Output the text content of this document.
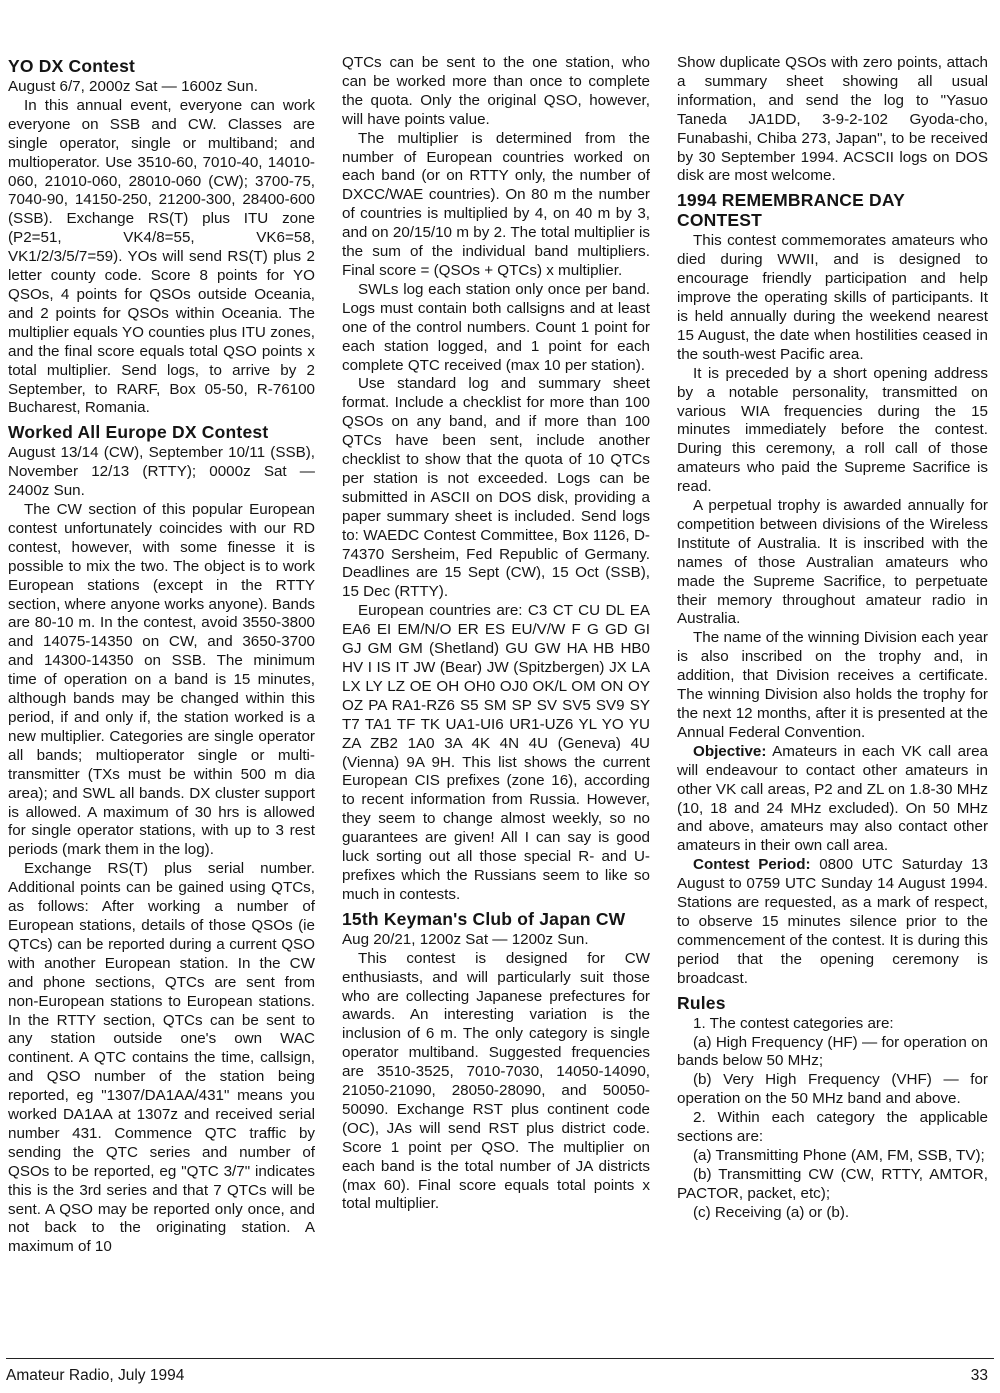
YO DX Contest

August 6/7, 2000z Sat — 1600z Sun.

In this annual event, everyone can work everyone on SSB and CW. Classes are single operator, single or multiband; and multioperator. Use 3510-60, 7010-40, 14010-060, 21010-060, 28010-060 (CW); 3700-75, 7040-90, 14150-250, 21200-300, 28400-600 (SSB). Exchange RS(T) plus ITU zone (P2=51, VK4/8=55, VK6=58, VK1/2/3/5/7=59). YOs will send RS(T) plus 2 letter county code. Score 8 points for YO QSOs, 4 points for QSOs outside Oceania, and 2 points for QSOs within Oceania. The multiplier equals YO counties plus ITU zones, and the final score equals total QSO points x total multiplier. Send logs, to arrive by 2 September, to RARF, Box 05-50, R-76100 Bucharest, Romania.

Worked All Europe DX Contest

August 13/14 (CW), September 10/11 (SSB), November 12/13 (RTTY); 0000z Sat — 2400z Sun.

The CW section of this popular European contest unfortunately coincides with our RD contest, however, with some finesse it is possible to mix the two. The object is to work European stations (except in the RTTY section, where anyone works anyone). Bands are 80-10 m. In the contest, avoid 3550-3800 and 14075-14350 on CW, and 3650-3700 and 14300-14350 on SSB. The minimum time of operation on a band is 15 minutes, although bands may be changed within this period, if and only if, the station worked is a new multiplier. Categories are single operator all bands; multioperator single or multi-transmitter (TXs must be within 500 m dia area); and SWL all bands. DX cluster support is allowed. A maximum of 30 hrs is allowed for single operator stations, with up to 3 rest periods (mark them in the log).

Exchange RS(T) plus serial number. Additional points can be gained using QTCs, as follows: After working a number of European stations, details of those QSOs (ie QTCs) can be reported during a current QSO with another European station. In the CW and phone sections, QTCs are sent from non-European stations to European stations. In the RTTY section, QTCs can be sent to any station outside one's own WAC continent. A QTC contains the time, callsign, and QSO number of the station being reported, eg "1307/DA1AA/431" means you worked DA1AA at 1307z and received serial number 431. Commence QTC traffic by sending the QTC series and number of QSOs to be reported, eg "QTC 3/7" indicates this is the 3rd series and that 7 QTCs will be sent. A QSO may be reported only once, and not back to the originating station. A maximum of 10

QTCs can be sent to the one station, who can be worked more than once to complete the quota. Only the original QSO, however, will have points value.

The multiplier is determined from the number of European countries worked on each band (or on RTTY only, the number of DXCC/WAE countries). On 80 m the number of countries is multiplied by 4, on 40 m by 3, and on 20/15/10 m by 2. The total multiplier is the sum of the individual band multipliers. Final score = (QSOs + QTCs) x multiplier.

SWLs log each station only once per band. Logs must contain both callsigns and at least one of the control numbers. Count 1 point for each station logged, and 1 point for each complete QTC received (max 10 per station).

Use standard log and summary sheet format. Include a checklist for more than 100 QSOs on any band, and if more than 100 QTCs have been sent, include another checklist to show that the quota of 10 QTCs per station is not exceeded. Logs can be submitted in ASCII on DOS disk, providing a paper summary sheet is included. Send logs to: WAEDC Contest Committee, Box 1126, D-74370 Sersheim, Fed Republic of Germany. Deadlines are 15 Sept (CW), 15 Oct (SSB), 15 Dec (RTTY).

European countries are: C3 CT CU DL EA EA6 EI EM/N/O ER ES EU/V/W F G GD GI GJ GM GM (Shetland) GU GW HA HB HB0 HV I IS IT JW (Bear) JW (Spitzbergen) JX LA LX LY LZ OE OH OH0 OJ0 OK/L OM ON OY OZ PA RA1-RZ6 S5 SM SP SV SV5 SV9 SY T7 TA1 TF TK UA1-UI6 UR1-UZ6 YL YO YU ZA ZB2 1A0 3A 4K 4N 4U (Geneva) 4U (Vienna) 9A 9H. This list shows the current European CIS prefixes (zone 16), according to recent information from Russia. However, they seem to change almost weekly, so no guarantees are given! All I can say is good luck sorting out all those special R- and U- prefixes which the Russians seem to like so much in contests.

15th Keyman's Club of Japan CW

Aug 20/21, 1200z Sat — 1200z Sun.

This contest is designed for CW enthusiasts, and will particularly suit those who are collecting Japanese prefectures for awards. An interesting variation is the inclusion of 6 m. The only category is single operator multiband. Suggested frequencies are 3510-3525, 7010-7030, 14050-14090, 21050-21090, 28050-28090, and 50050-50090. Exchange RST plus continent code (OC), JAs will send RST plus district code. Score 1 point per QSO. The multiplier on each band is the total number of JA districts (max 60). Final score equals total points x total multiplier.

Show duplicate QSOs with zero points, attach a summary sheet showing all usual information, and send the log to "Yasuo Taneda JA1DD, 3-9-2-102 Gyoda-cho, Funabashi, Chiba 273, Japan", to be received by 30 September 1994. ACSCII logs on DOS disk are most welcome.

1994 REMEMBRANCE DAY CONTEST

This contest commemorates amateurs who died during WWII, and is designed to encourage friendly participation and help improve the operating skills of participants. It is held annually during the weekend nearest 15 August, the date when hostilities ceased in the south-west Pacific area.

It is preceded by a short opening address by a notable personality, transmitted on various WIA frequencies during the 15 minutes immediately before the contest. During this ceremony, a roll call of those amateurs who paid the Supreme Sacrifice is read.

A perpetual trophy is awarded annually for competition between divisions of the Wireless Institute of Australia. It is inscribed with the names of those Australian amateurs who made the Supreme Sacrifice, to perpetuate their memory throughout amateur radio in Australia.

The name of the winning Division each year is also inscribed on the trophy and, in addition, that Division receives a certificate. The winning Division also holds the trophy for the next 12 months, after it is presented at the Annual Federal Convention.

Objective: Amateurs in each VK call area will endeavour to contact other amateurs in other VK call areas, P2 and ZL on 1.8-30 MHz (10, 18 and 24 MHz excluded). On 50 MHz and above, amateurs may also contact other amateurs in their own call area.

Contest Period: 0800 UTC Saturday 13 August to 0759 UTC Sunday 14 August 1994. Stations are requested, as a mark of respect, to observe 15 minutes silence prior to the commencement of the contest. It is during this period that the opening ceremony is broadcast.

Rules

1. The contest categories are:

(a) High Frequency (HF) — for operation on bands below 50 MHz;

(b) Very High Frequency (VHF) — for operation on the 50 MHz band and above.

2. Within each category the applicable sections are:

(a) Transmitting Phone (AM, FM, SSB, TV);

(b) Transmitting CW (CW, RTTY, AMTOR, PACTOR, packet, etc);

(c) Receiving (a) or (b).

Amateur Radio, July 1994	33
